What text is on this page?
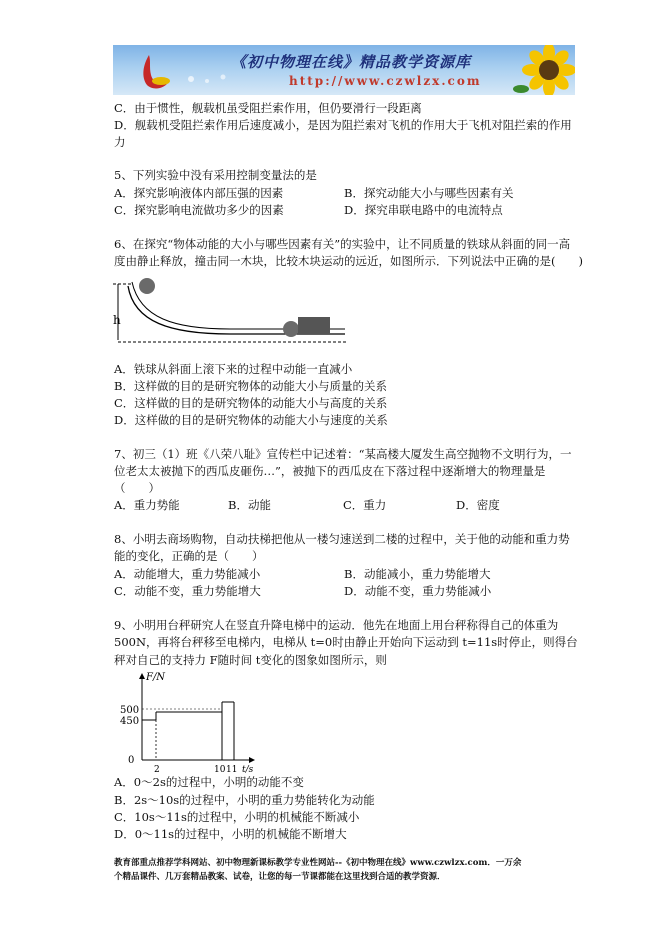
《初中物理在线》精品教学资源库
http://www.czwlzx.com
C．由于惯性，舰载机虽受阻拦索作用，但仍要滑行一段距离
D．舰载机受阻拦索作用后速度减小，是因为阻拦索对飞机的作用大于飞机对阻拦索的作用
力
5、下列实验中没有采用控制变量法的是
A．探究影响液体内部压强的因素	B．探究动能大小与哪些因素有关
C．探究影响电流做功多少的因素	D．探究串联电路中的电流特点
6、在探究“物体动能的大小与哪些因素有关”的实验中，让不同质量的铁球从斜面的同一高
度由静止释放，撞击同一木块，比较木块运动的远近，如图所示．下列说法中正确的是(　　)
h
A．铁球从斜面上滚下来的过程中动能一直减小
B．这样做的目的是研究物体的动能大小与质量的关系
C．这样做的目的是研究物体的动能大小与高度的关系
D．这样做的目的是研究物体的动能大小与速度的关系
7、初三（1）班《八荣八耻》宣传栏中记述着：“某高楼大厦发生高空抛物不文明行为，一
位老太太被抛下的西瓜皮砸伤…”，被抛下的西瓜皮在下落过程中逐渐增大的物理量是
（　　）
A．重力势能	B．动能	C．重力	D．密度
8、小明去商场购物，自动扶梯把他从一楼匀速送到二楼的过程中，关于他的动能和重力势
能的变化，正确的是（　　）
A．动能增大，重力势能减小	B．动能减小，重力势能增大
C．动能不变，重力势能增大	D．动能不变，重力势能减小
9、小明用台秤研究人在竖直升降电梯中的运动．他先在地面上用台秤称得自己的体重为
500N，再将台秤移至电梯内，电梯从 t=0时由静止开始向下运动到 t=11s时停止，则得台
秤对自己的支持力 F随时间 t变化的图象如图所示，则
F/N
t/s
500
450
0
2	10 11
A．0～2s的过程中，小明的动能不变
B．2s～10s的过程中，小明的重力势能转化为动能
C．10s～11s的过程中，小明的机械能不断减小
D．0～11s的过程中，小明的机械能不断增大
教育部重点推荐学科网站、初中物理新课标教学专业性网站--《初中物理在线》www.czwlzx.com．一万余
个精品课件、几万套精品教案、试卷，让您的每一节课都能在这里找到合适的教学资源．
